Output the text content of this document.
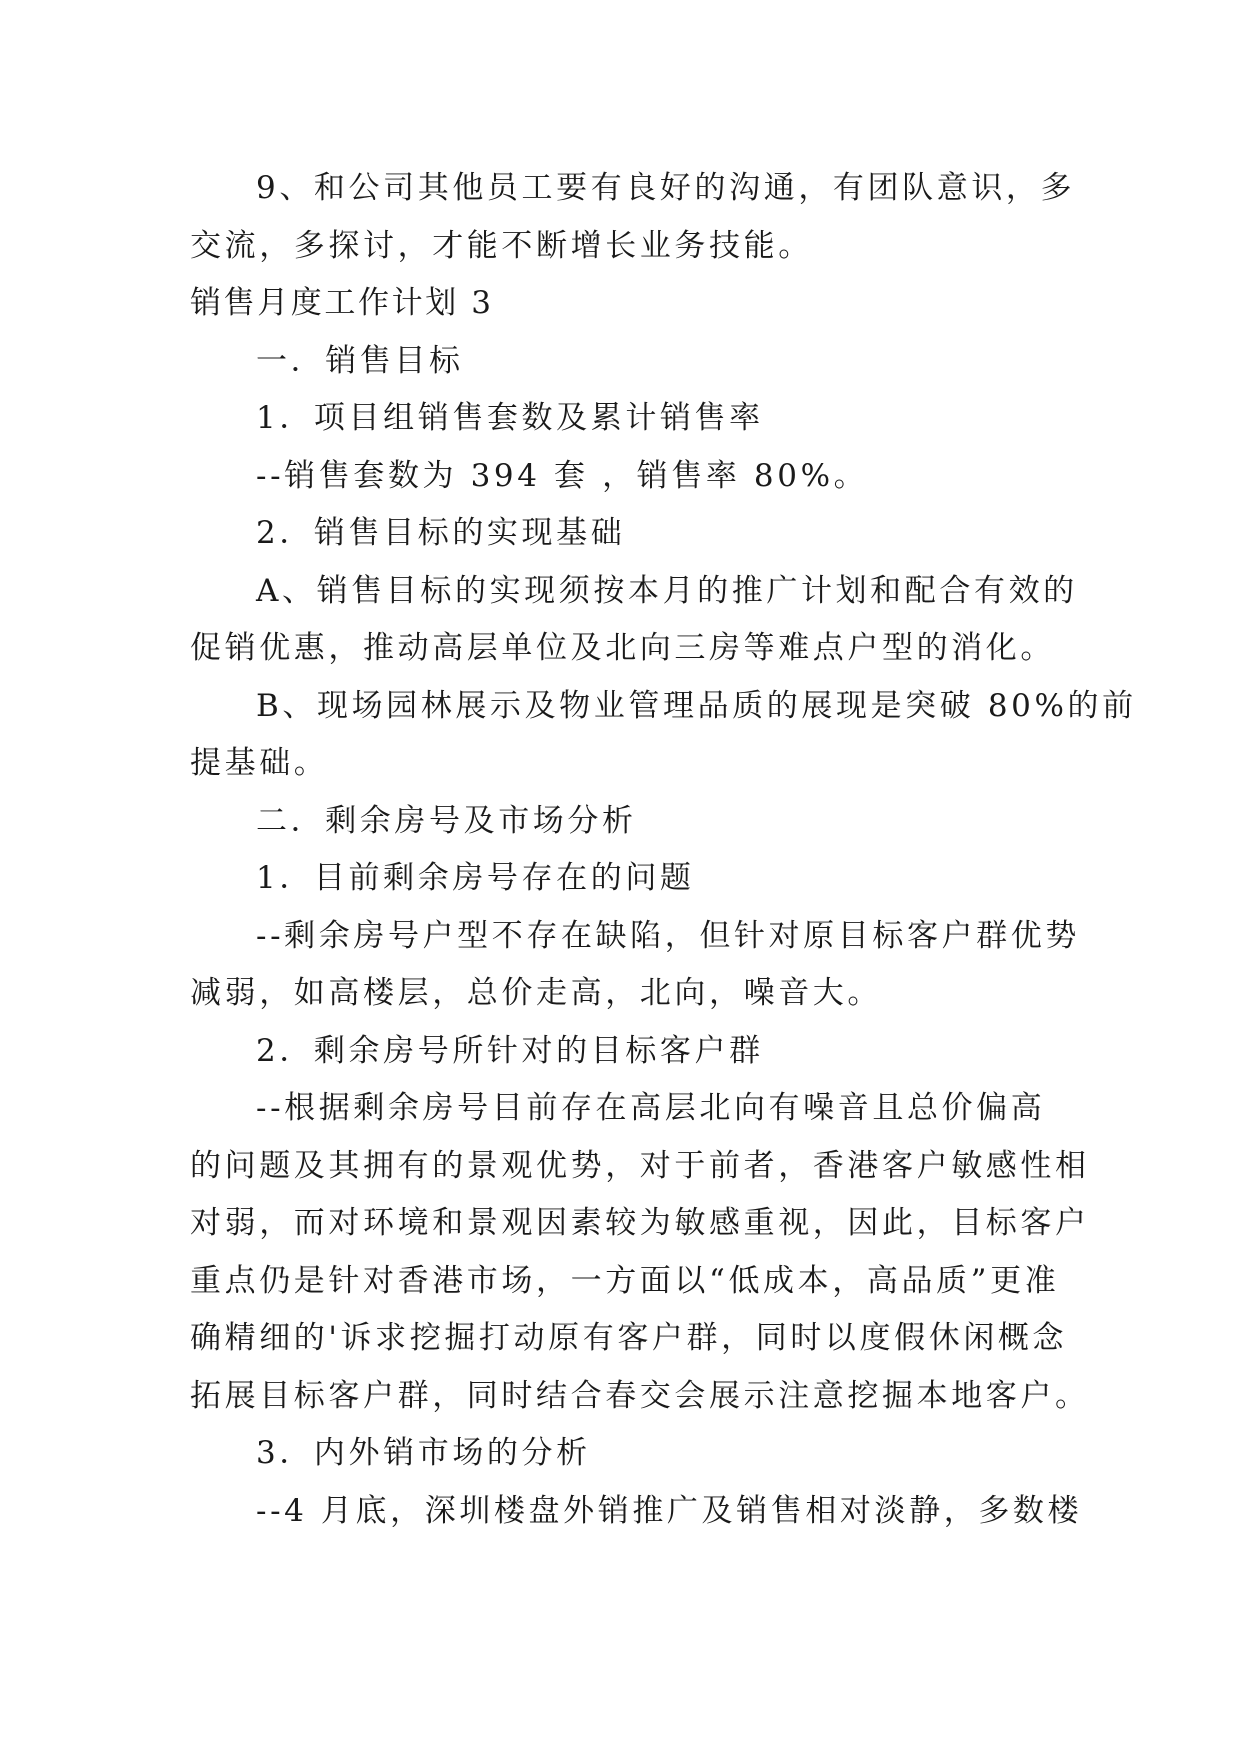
9、和公司其他员工要有良好的沟通，有团队意识，多
交流，多探讨，才能不断增长业务技能。
销售月度工作计划 3
一．销售目标
1．项目组销售套数及累计销售率
--销售套数为 394 套 ，销售率 80%。
2．销售目标的实现基础
A、销售目标的实现须按本月的推广计划和配合有效的
促销优惠，推动高层单位及北向三房等难点户型的消化。
B、现场园林展示及物业管理品质的展现是突破 80%的前
提基础。
二．剩余房号及市场分析
1．目前剩余房号存在的问题
--剩余房号户型不存在缺陷，但针对原目标客户群优势
减弱，如高楼层，总价走高，北向，噪音大。
2．剩余房号所针对的目标客户群
--根据剩余房号目前存在高层北向有噪音且总价偏高
的问题及其拥有的景观优势，对于前者，香港客户敏感性相
对弱，而对环境和景观因素较为敏感重视，因此，目标客户
重点仍是针对香港市场，一方面以“低成本，高品质”更准
确精细的'诉求挖掘打动原有客户群，同时以度假休闲概念
拓展目标客户群，同时结合春交会展示注意挖掘本地客户。
3．内外销市场的分析
--4 月底，深圳楼盘外销推广及销售相对淡静，多数楼
